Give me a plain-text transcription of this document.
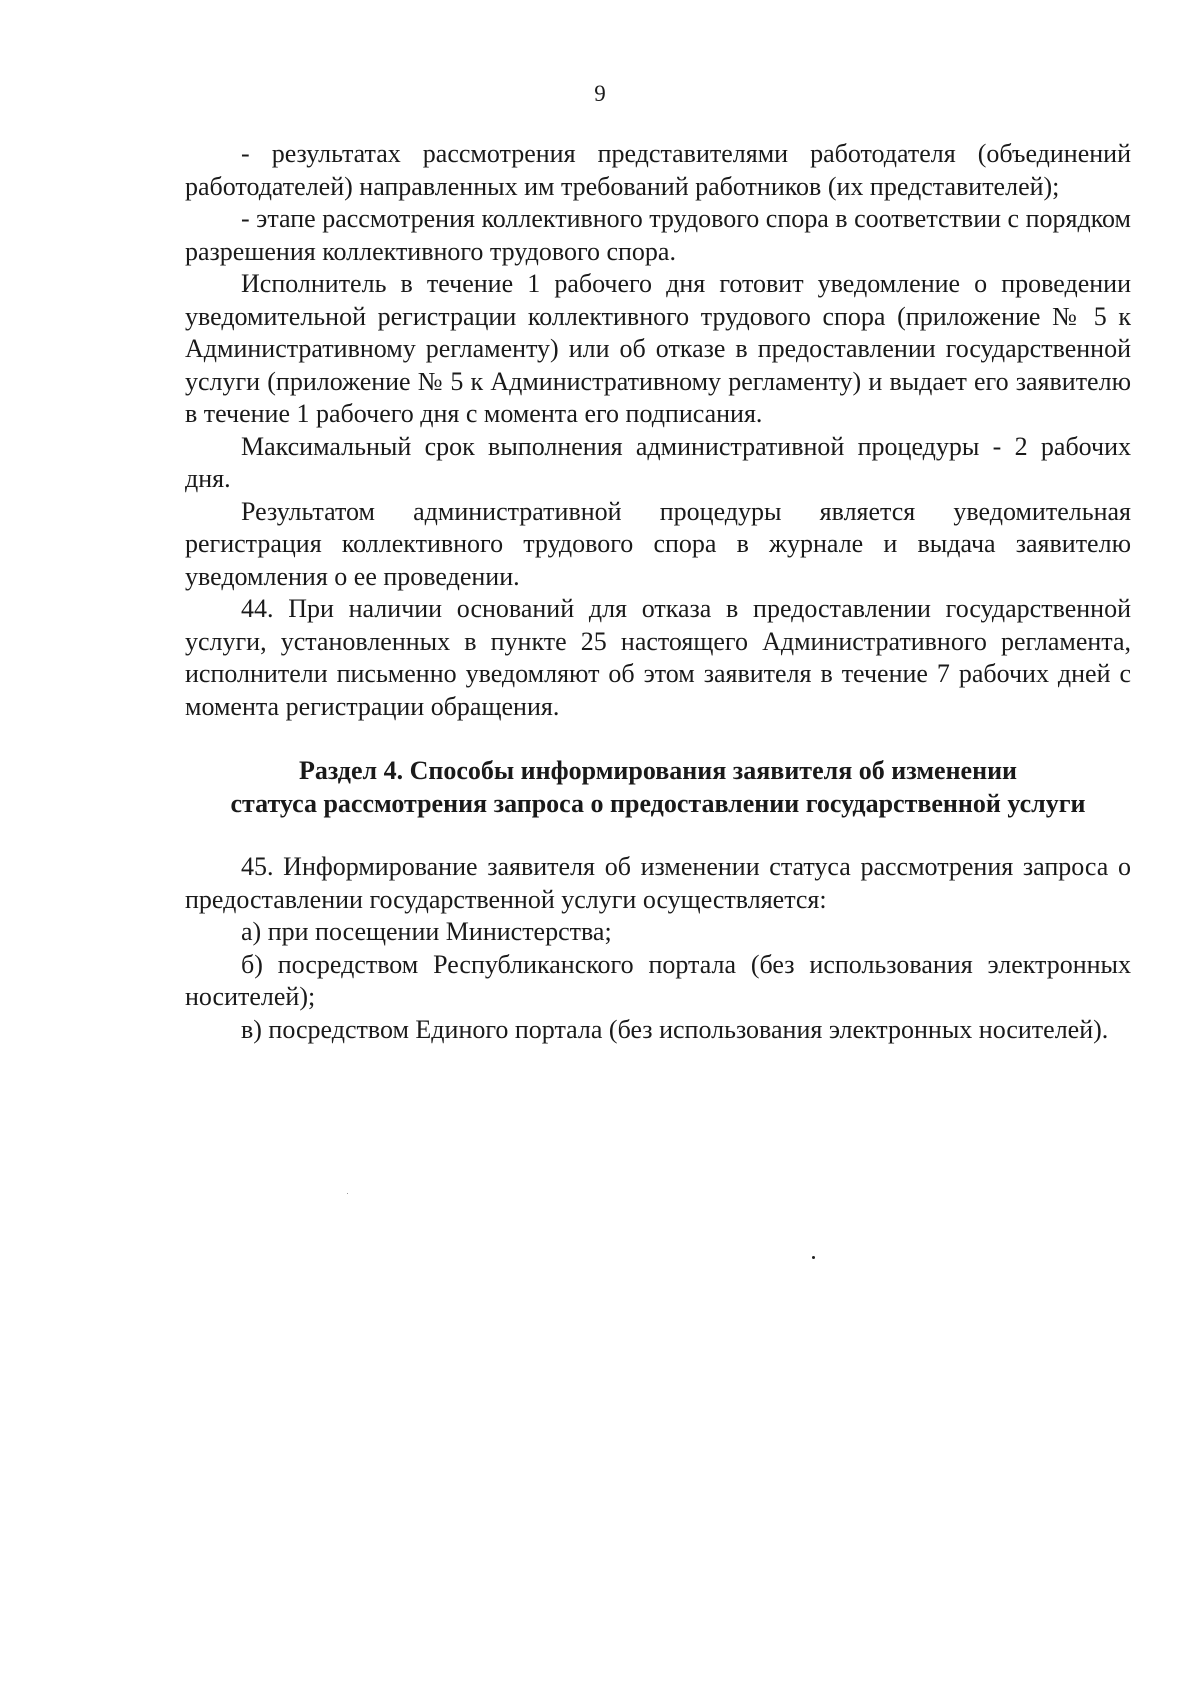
9

- результатах рассмотрения представителями работодателя (объединений работодателей) направленных им требований работников (их представителей);

- этапе рассмотрения коллективного трудового спора в соответствии с порядком разрешения коллективного трудового спора.

Исполнитель в течение 1 рабочего дня готовит уведомление о проведении уведомительной регистрации коллективного трудового спора (приложение № 5 к Административному регламенту) или об отказе в предоставлении государственной услуги (приложение № 5 к Административному регламенту) и выдает его заявителю в течение 1 рабочего дня с момента его подписания.

Максимальный срок выполнения административной процедуры - 2 рабочих дня.

Результатом административной процедуры является уведомительная регистрация коллективного трудового спора в журнале и выдача заявителю уведомления о ее проведении.

44. При наличии оснований для отказа в предоставлении государственной услуги, установленных в пункте 25 настоящего Административного регламента, исполнители письменно уведомляют об этом заявителя в течение 7 рабочих дней с момента регистрации обращения.

Раздел 4. Способы информирования заявителя об изменении
статуса рассмотрения запроса о предоставлении государственной услуги

45. Информирование заявителя об изменении статуса рассмотрения запроса о предоставлении государственной услуги осуществляется:

а) при посещении Министерства;

б) посредством Республиканского портала (без использования электронных носителей);

в) посредством Единого портала (без использования электронных носителей).
